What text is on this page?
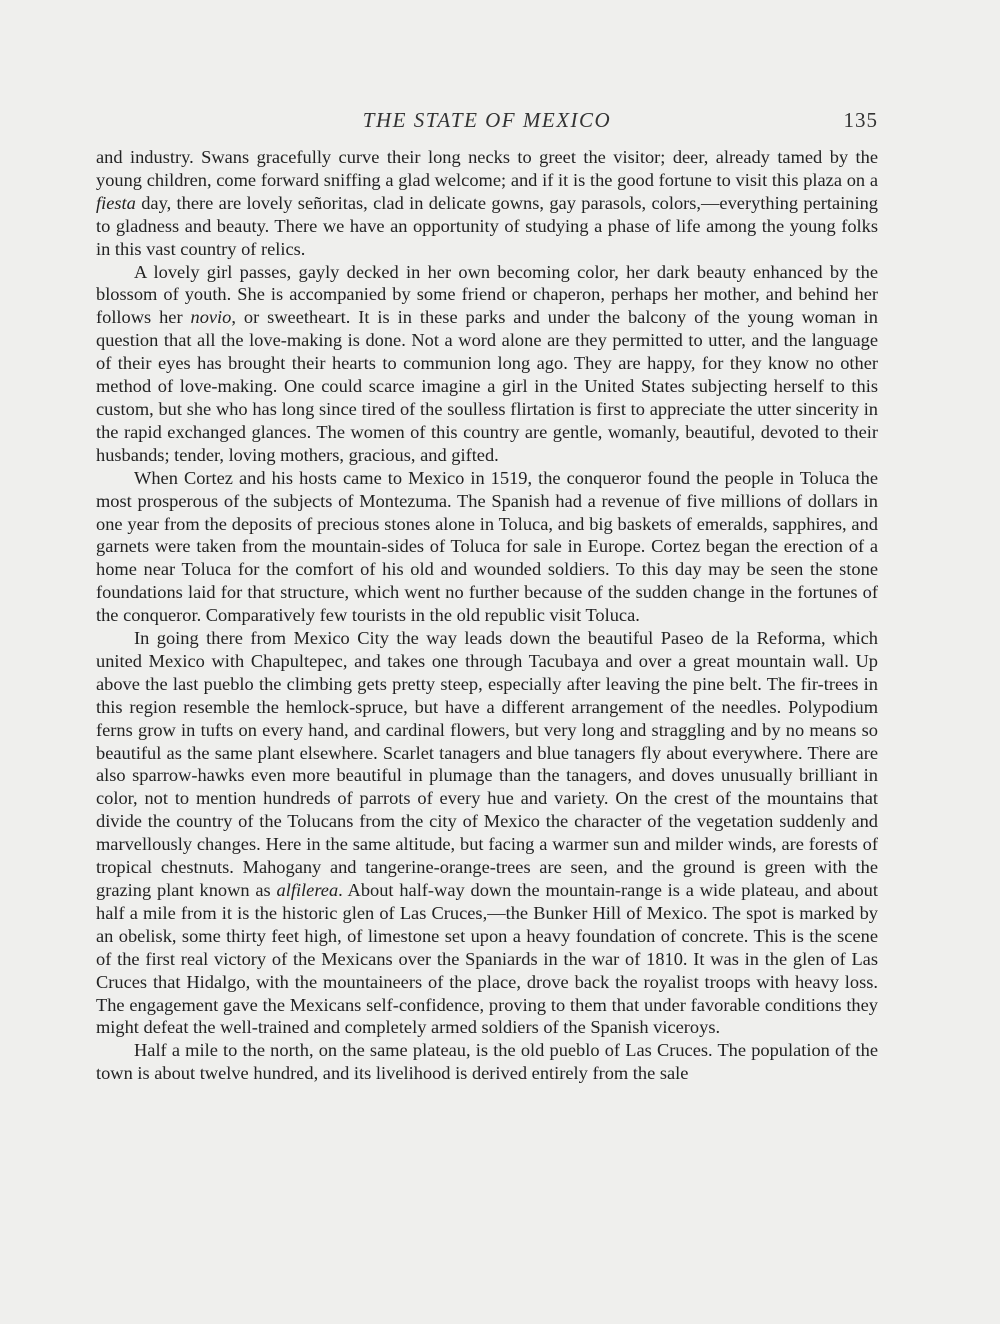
THE STATE OF MEXICO	135

and industry. Swans gracefully curve their long necks to greet the visitor; deer, already tamed by the young children, come forward sniffing a glad welcome; and if it is the good fortune to visit this plaza on a fiesta day, there are lovely señoritas, clad in delicate gowns, gay parasols, colors,—everything pertaining to gladness and beauty. There we have an opportunity of studying a phase of life among the young folks in this vast country of relics.

A lovely girl passes, gayly decked in her own becoming color, her dark beauty enhanced by the blossom of youth. She is accompanied by some friend or chaperon, perhaps her mother, and behind her follows her novio, or sweetheart. It is in these parks and under the balcony of the young woman in question that all the love-making is done. Not a word alone are they permitted to utter, and the language of their eyes has brought their hearts to communion long ago. They are happy, for they know no other method of love-making. One could scarce imagine a girl in the United States subjecting herself to this custom, but she who has long since tired of the soulless flirtation is first to appreciate the utter sincerity in the rapid exchanged glances. The women of this country are gentle, womanly, beautiful, devoted to their husbands; tender, loving mothers, gracious, and gifted.

When Cortez and his hosts came to Mexico in 1519, the conqueror found the people in Toluca the most prosperous of the subjects of Montezuma. The Spanish had a revenue of five millions of dollars in one year from the deposits of precious stones alone in Toluca, and big baskets of emeralds, sapphires, and garnets were taken from the mountain-sides of Toluca for sale in Europe. Cortez began the erection of a home near Toluca for the comfort of his old and wounded soldiers. To this day may be seen the stone foundations laid for that structure, which went no further because of the sudden change in the fortunes of the conqueror. Comparatively few tourists in the old republic visit Toluca.

In going there from Mexico City the way leads down the beautiful Paseo de la Reforma, which united Mexico with Chapultepec, and takes one through Tacubaya and over a great mountain wall. Up above the last pueblo the climbing gets pretty steep, especially after leaving the pine belt. The fir-trees in this region resemble the hemlock-spruce, but have a different arrangement of the needles. Polypodium ferns grow in tufts on every hand, and cardinal flowers, but very long and straggling and by no means so beautiful as the same plant elsewhere. Scarlet tanagers and blue tanagers fly about everywhere. There are also sparrow-hawks even more beautiful in plumage than the tanagers, and doves unusually brilliant in color, not to mention hundreds of parrots of every hue and variety. On the crest of the mountains that divide the country of the Tolucans from the city of Mexico the character of the vegetation suddenly and marvellously changes. Here in the same altitude, but facing a warmer sun and milder winds, are forests of tropical chestnuts. Mahogany and tangerine-orange-trees are seen, and the ground is green with the grazing plant known as alfilerea. About half-way down the mountain-range is a wide plateau, and about half a mile from it is the historic glen of Las Cruces,—the Bunker Hill of Mexico. The spot is marked by an obelisk, some thirty feet high, of limestone set upon a heavy foundation of concrete. This is the scene of the first real victory of the Mexicans over the Spaniards in the war of 1810. It was in the glen of Las Cruces that Hidalgo, with the mountaineers of the place, drove back the royalist troops with heavy loss. The engagement gave the Mexicans self-confidence, proving to them that under favorable conditions they might defeat the well-trained and completely armed soldiers of the Spanish viceroys.

Half a mile to the north, on the same plateau, is the old pueblo of Las Cruces. The population of the town is about twelve hundred, and its livelihood is derived entirely from the sale
